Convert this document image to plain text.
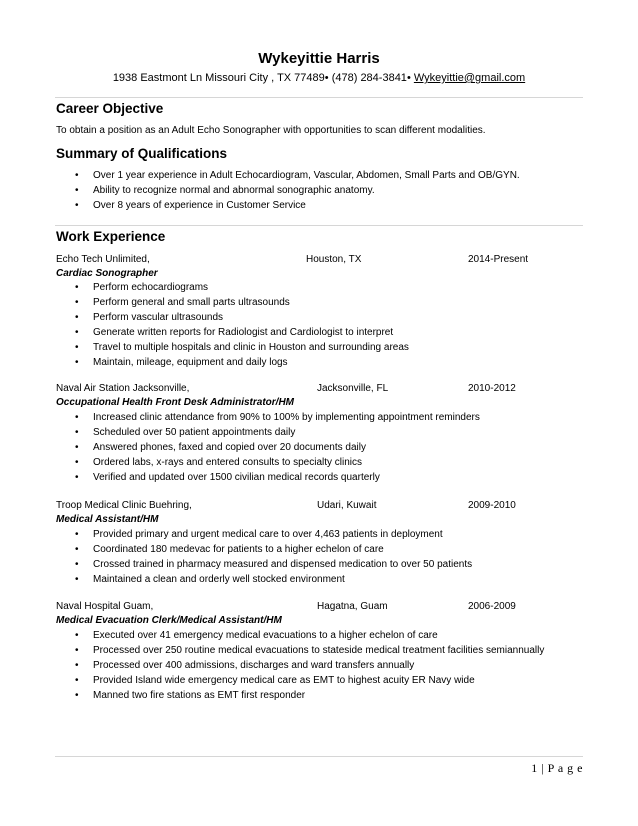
Wykeyittie Harris
1938 Eastmont Ln Missouri City , TX 77489• (478) 284-3841• Wykeyittie@gmail.com
Career Objective
To obtain a position as an Adult Echo Sonographer with opportunities to scan different modalities.
Summary of Qualifications
• Over 1 year experience in Adult Echocardiogram, Vascular, Abdomen, Small Parts and OB/GYN.
• Ability to recognize normal and abnormal sonographic anatomy.
• Over 8 years of experience in Customer Service
Work Experience
Echo Tech Unlimited,	Houston, TX	2014-Present
Cardiac Sonographer
• Perform echocardiograms
• Perform general and small parts ultrasounds
• Perform vascular ultrasounds
• Generate written reports for Radiologist and Cardiologist to interpret
• Travel to multiple hospitals and clinic in Houston and surrounding areas
• Maintain, mileage, equipment and daily logs
Naval Air Station Jacksonville,	Jacksonville, FL	2010-2012
Occupational Health Front Desk Administrator/HM
• Increased clinic attendance from 90% to 100% by implementing appointment reminders
• Scheduled over 50 patient appointments daily
• Answered phones, faxed and copied over 20 documents daily
• Ordered labs, x-rays and entered consults to specialty clinics
• Verified and updated over 1500 civilian medical records quarterly
Troop Medical Clinic Buehring,	Udari, Kuwait	2009-2010
Medical Assistant/HM
• Provided primary and urgent medical care to over 4,463 patients in deployment
• Coordinated 180 medevac for patients to a higher echelon of care
• Crossed trained in pharmacy measured and dispensed medication to over 50 patients
• Maintained a clean and orderly well stocked environment
Naval Hospital Guam,	Hagatna, Guam	2006-2009
Medical Evacuation Clerk/Medical Assistant/HM
• Executed over 41 emergency medical evacuations to a higher echelon of care
• Processed over 250 routine medical evacuations to stateside medical treatment facilities semiannually
• Processed over 400 admissions, discharges and ward transfers annually
• Provided Island wide emergency medical care as EMT to highest acuity ER Navy wide
• Manned two fire stations as EMT first responder
1 | P a g e
